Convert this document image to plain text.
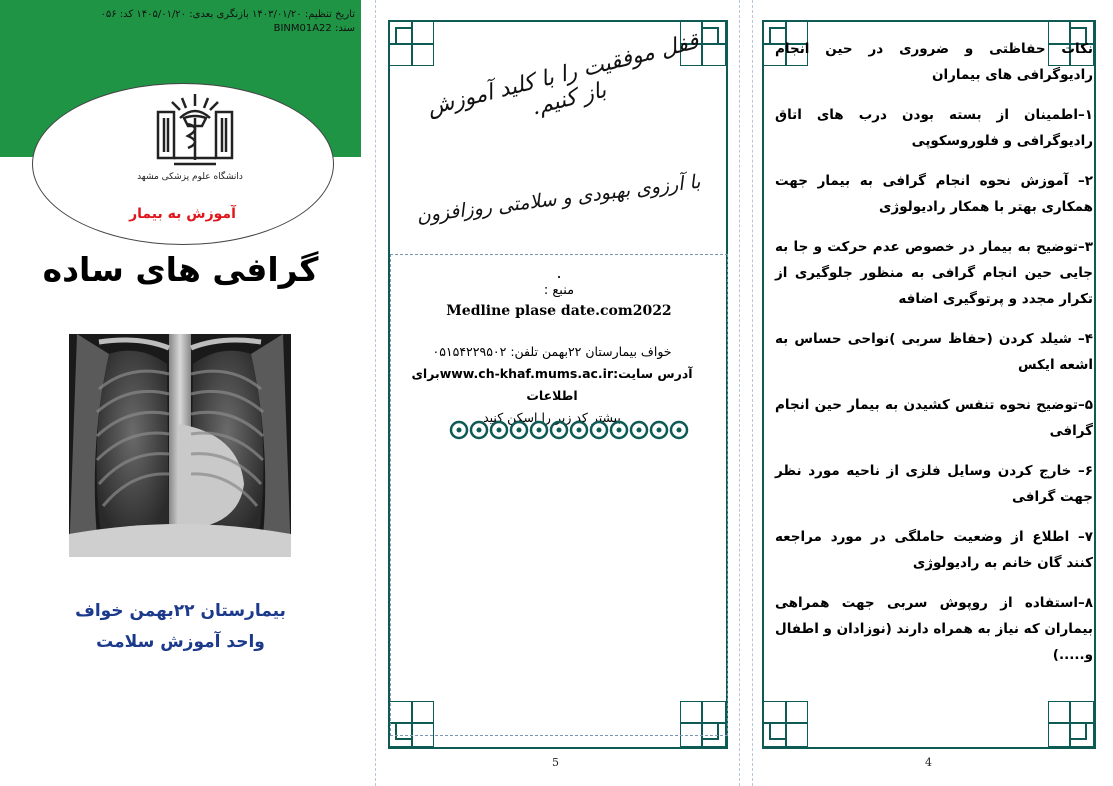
تاریخ تنظیم: ۱۴۰۳/۰۱/۲۰ بازنگری بعدی: ۱۴۰۵/۰۱/۲۰ کد: ۰۵۶
سند: BINM01A22
دانشگاه علوم پزشکی مشهد
آموزش به بیمار
گرافی های ساده
بیمارستان ۲۲بهمن خواف
واحد آموزش سلامت
قفل موفقیت را با کلید آموزش باز کنیم.
با آرزوی بهبودی و سلامتی روزافزون
.
منبع :
Medline plase date.com2022
خواف بیمارستان ۲۲بهمن تلفن: ۰۵۱۵۴۲۲۹۵۰۲
آدرس سایت:www.ch-khaf.mums.ac.irبرای اطلاعات
بیشتر کد زیر را اسکن کنید
5
نکات حفاظتی و ضروری در حین انجام رادیوگرافی های بیماران
۱–اطمینان از بسته بودن درب های اتاق رادیوگرافی و فلوروسکوپی
۲– آموزش نحوه انجام گرافی به بیمار جهت همکاری بهتر با همکار رادیولوژی
۳–توضیح به بیمار در خصوص عدم حرکت و جا به جایی حین انجام گرافی به منظور جلوگیری از تکرار مجدد و پرتوگیری اضافه
۴– شیلد کردن (حفاظ سربی )نواحی حساس به اشعه ایکس
۵–توضیح نحوه تنفس کشیدن به بیمار حین انجام گرافی
۶– خارج کردن وسایل فلزی از ناحیه مورد نظر جهت گرافی
۷– اطلاع از وضعیت حاملگی در مورد مراجعه کنند گان خانم به رادیولوژی
۸–استفاده از روپوش سربی جهت همراهی بیماران که نیاز به همراه دارند (نوزادان و اطفال و.....)
4
